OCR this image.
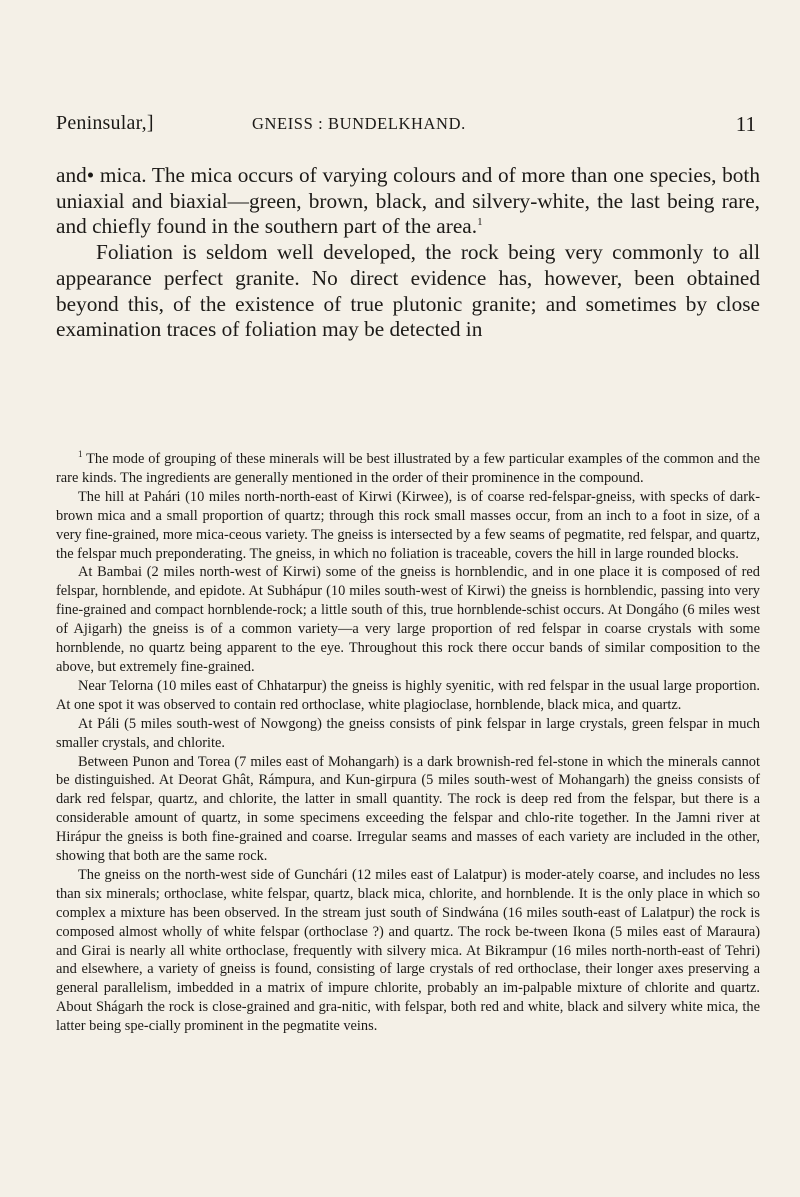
Peninsular,]	GNEISS : BUNDELKHAND.	11

and• mica. The mica occurs of varying colours and of more than one species, both uniaxial and biaxial—green, brown, black, and silvery-white, the last being rare, and chiefly found in the southern part of the area.$^1$

Foliation is seldom well developed, the rock being very commonly to all appearance perfect granite. No direct evidence has, however, been obtained beyond this, of the existence of true plutonic granite; and sometimes by close examination traces of foliation may be detected in

$^1$ The mode of grouping of these minerals will be best illustrated by a few particular examples of the common and the rare kinds. The ingredients are generally mentioned in the order of their prominence in the compound.

The hill at Pahári (10 miles north-north-east of Kirwi (Kirwee), is of coarse red-felspar-gneiss, with specks of dark-brown mica and a small proportion of quartz; through this rock small masses occur, from an inch to a foot in size, of a very fine-grained, more mica-ceous variety. The gneiss is intersected by a few seams of pegmatite, red felspar, and quartz, the felspar much preponderating. The gneiss, in which no foliation is traceable, covers the hill in large rounded blocks.

At Bambai (2 miles north-west of Kirwi) some of the gneiss is hornblendic, and in one place it is composed of red felspar, hornblende, and epidote. At Subhápur (10 miles south-west of Kirwi) the gneiss is hornblendic, passing into very fine-grained and compact hornblende-rock; a little south of this, true hornblende-schist occurs. At Dongáho (6 miles west of Ajigarh) the gneiss is of a common variety—a very large proportion of red felspar in coarse crystals with some hornblende, no quartz being apparent to the eye. Throughout this rock there occur bands of similar composition to the above, but extremely fine-grained.

Near Telorna (10 miles east of Chhatarpur) the gneiss is highly syenitic, with red felspar in the usual large proportion. At one spot it was observed to contain red orthoclase, white plagioclase, hornblende, black mica, and quartz.

At Páli (5 miles south-west of Nowgong) the gneiss consists of pink felspar in large crystals, green felspar in much smaller crystals, and chlorite.

Between Punon and Torea (7 miles east of Mohangarh) is a dark brownish-red fel-stone in which the minerals cannot be distinguished. At Deorat Ghât, Rámpura, and Kun-girpura (5 miles south-west of Mohangarh) the gneiss consists of dark red felspar, quartz, and chlorite, the latter in small quantity. The rock is deep red from the felspar, but there is a considerable amount of quartz, in some specimens exceeding the felspar and chlo-rite together. In the Jamni river at Hirápur the gneiss is both fine-grained and coarse. Irregular seams and masses of each variety are included in the other, showing that both are the same rock.

The gneiss on the north-west side of Gunchári (12 miles east of Lalatpur) is moder-ately coarse, and includes no less than six minerals; orthoclase, white felspar, quartz, black mica, chlorite, and hornblende. It is the only place in which so complex a mixture has been observed. In the stream just south of Sindwána (16 miles south-east of Lalatpur) the rock is composed almost wholly of white felspar (orthoclase ?) and quartz. The rock be-tween Ikona (5 miles east of Maraura) and Girai is nearly all white orthoclase, frequently with silvery mica. At Bikrampur (16 miles north-north-east of Tehri) and elsewhere, a variety of gneiss is found, consisting of large crystals of red orthoclase, their longer axes preserving a general parallelism, imbedded in a matrix of impure chlorite, probably an im-palpable mixture of chlorite and quartz. About Shágarh the rock is close-grained and gra-nitic, with felspar, both red and white, black and silvery white mica, the latter being spe-cially prominent in the pegmatite veins.
